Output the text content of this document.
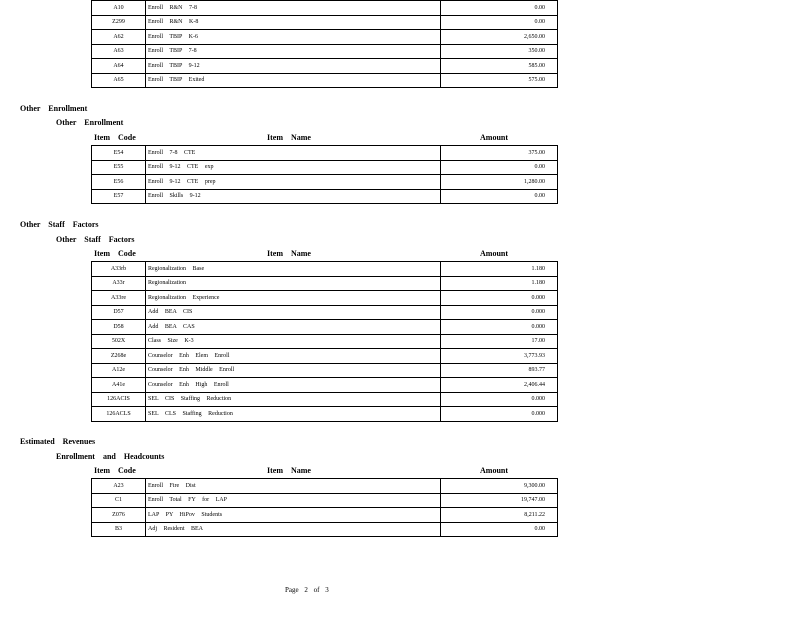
A10	Enroll R&N 7-8	0.00
Z299	Enroll R&N K-8	0.00
A62	Enroll TBIP K-6	2,650.00
A63	Enroll TBIP 7-8	350.00
A64	Enroll TBIP 9-12	585.00
A65	Enroll TBIP Exited	575.00
Other Enrollment
Other Enrollment
Item Code	Item Name	Amount
E54	Enroll 7-8 CTE	375.00
E55	Enroll 9-12 CTE exp	0.00
E56	Enroll 9-12 CTE prep	1,280.00
E57	Enroll Skills 9-12	0.00
Other Staff Factors
Other Staff Factors
Item Code	Item Name	Amount
A33rb	Regionalization Base	1.180
A33r	Regionalization	1.180
A33re	Regionalization Experience	0.000
D57	Add BEA CIS	0.000
D58	Add BEA CAS	0.000
502X	Class Size K-3	17.00
Z268e	Counselor Enh Elem Enroll	3,773.93
A12e	Counselor Enh Middle Enroll	893.77
A41e	Counselor Enh High Enroll	2,406.44
126ACIS	SEL CIS Staffing Reduction	0.000
126ACLS	SEL CLS Staffing Reduction	0.000
Estimated Revenues
Enrollment and Headcounts
Item Code	Item Name	Amount
A23	Enroll Fire Dist	9,300.00
C1	Enroll Total FY for LAP	19,747.00
Z076	LAP PY HiPov Students	8,211.22
B3	Adj Resident BEA	0.00
Page 2 of 3
